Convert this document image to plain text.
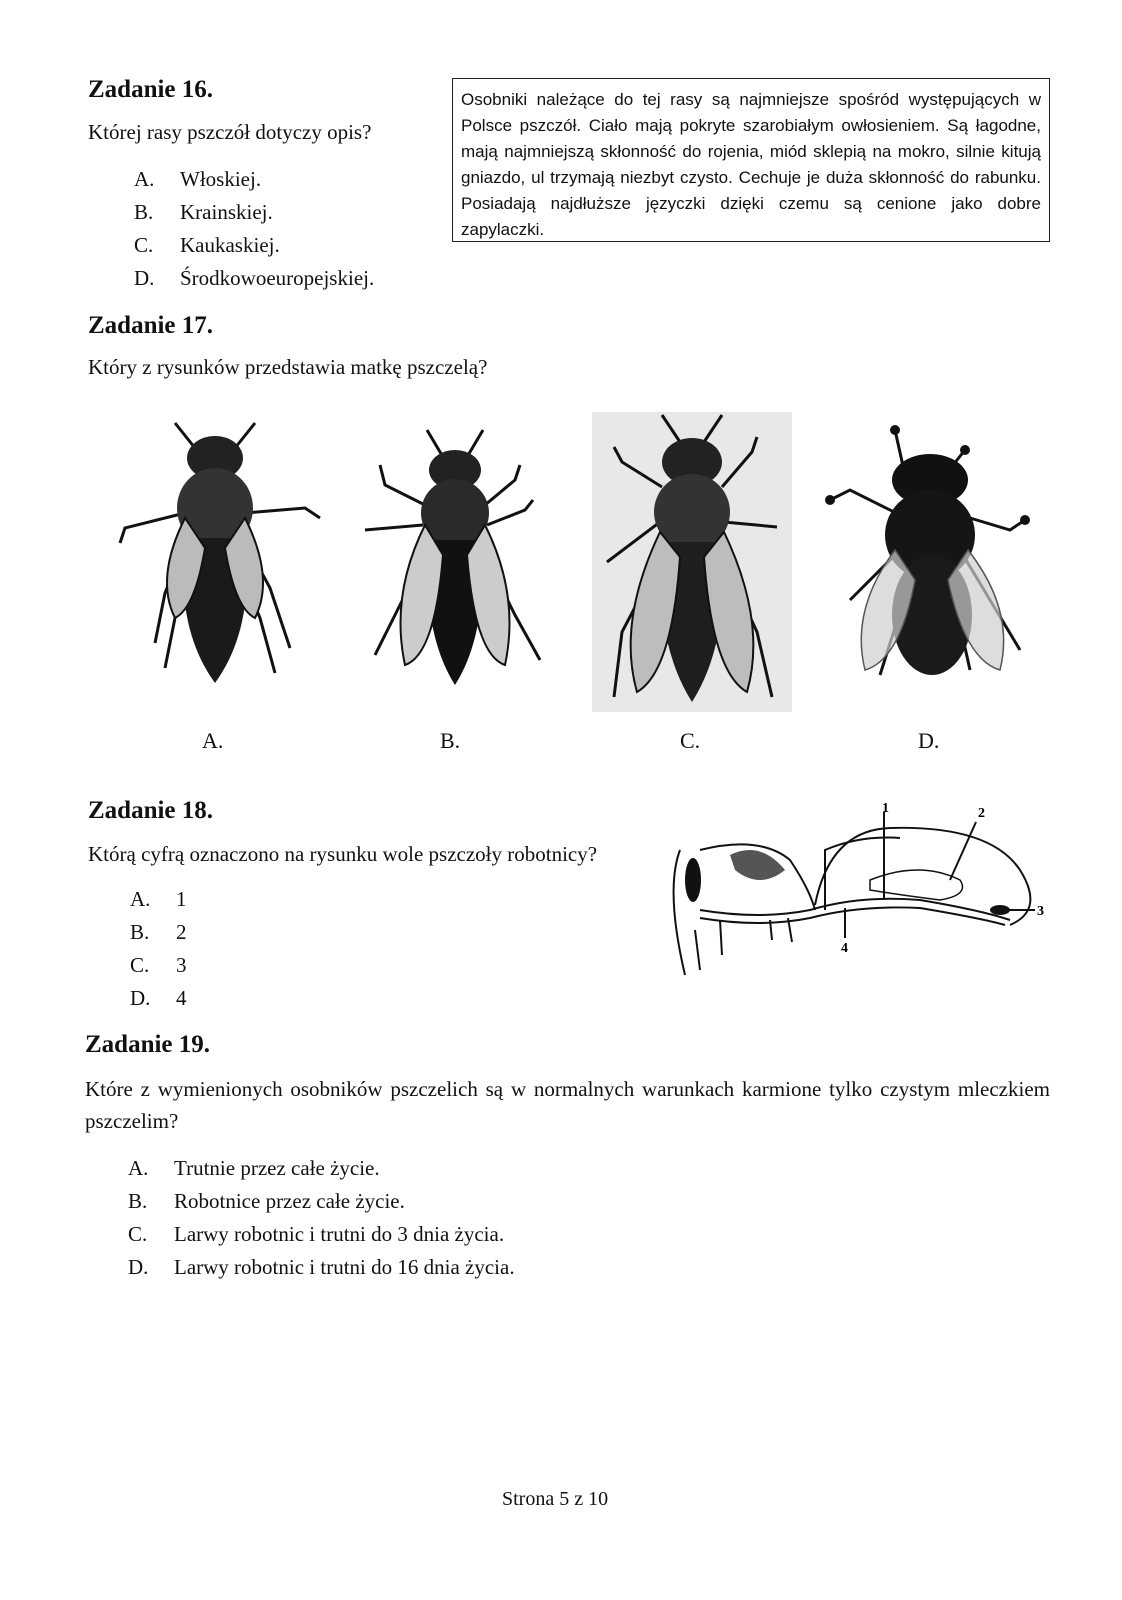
Zadanie 16.
Której rasy pszczół dotyczy opis?
A.	Włoskiej.
B.	Krainskiej.
C.	Kaukaskiej.
D.	Środkowoeuropejskiej.
Osobniki należące do tej rasy są najmniejsze spośród występujących w Polsce pszczół. Ciało mają pokryte szarobiałym owłosieniem. Są łagodne, mają najmniejszą skłonność do rojenia, miód sklepią na mokro, silnie kitują gniazdo, ul trzymają niezbyt czysto. Cechuje je duża skłonność do rabunku. Posiadają najdłuższe języczki dzięki czemu są cenione jako dobre zapylaczki.
Zadanie 17.
Który z rysunków przedstawia matkę pszczelą?
A.	B.	C.	D.
Zadanie 18.
Którą cyfrą oznaczono na rysunku wole pszczoły robotnicy?
A.	1
B.	2
C.	3
D.	4
1	2
3
4
Zadanie 19.
Które z wymienionych osobników pszczelich są w normalnych warunkach karmione tylko czystym mleczkiem pszczelim?
A.	Trutnie przez całe życie.
B.	Robotnice przez całe życie.
C.	Larwy robotnic i trutni do 3 dnia życia.
D.	Larwy robotnic i trutni do 16 dnia życia.
Strona 5 z 10
